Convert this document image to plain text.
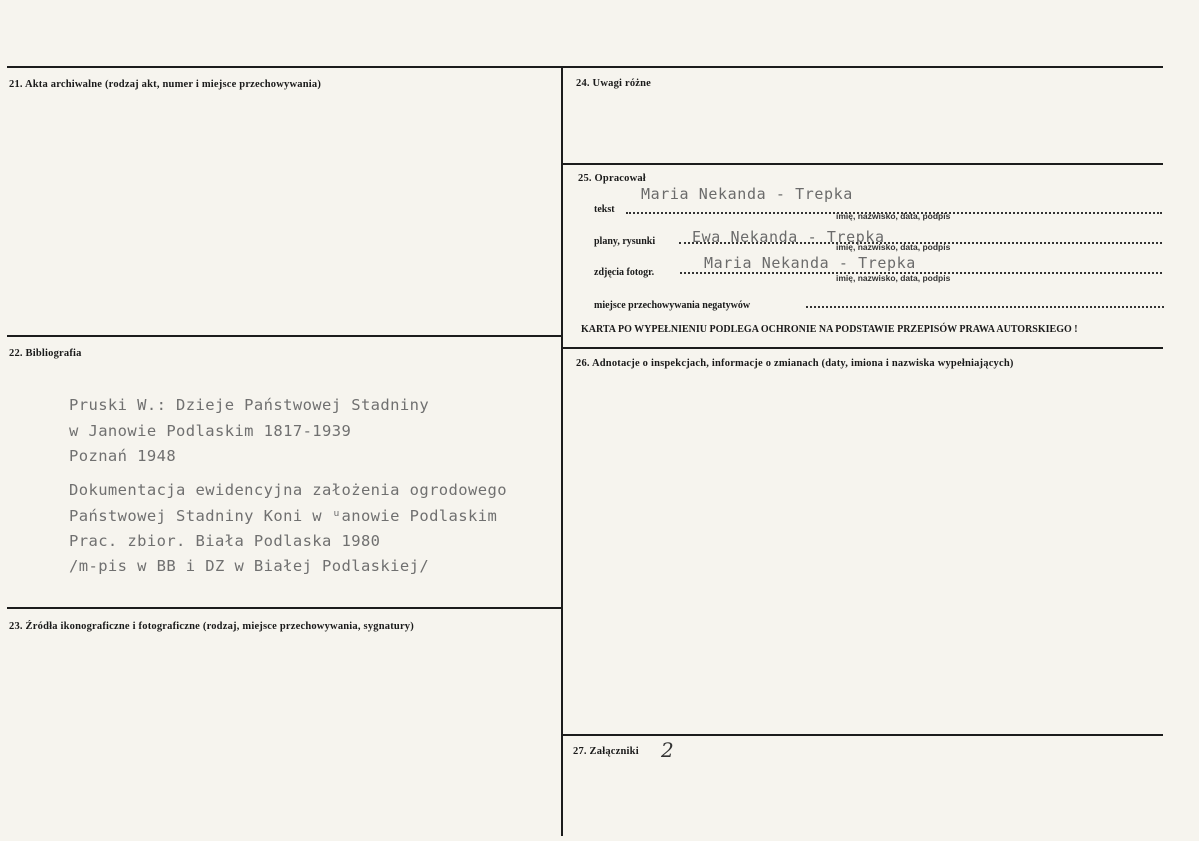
21. Akta archiwalne (rodzaj akt, numer i miejsce przechowywania)
22. Bibliografia
Pruski W.: Dzieje Państwowej Stadniny
w Janowie Podlaskim 1817-1939
Poznań 1948
Dokumentacja ewidencyjna założenia ogrodowego
Państwowej Stadniny Koni w ᵘanowie Podlaskim
Prac. zbior. Biała Podlaska 1980
/m-pis w BB i DZ w Białej Podlaskiej/
23. Źródła ikonograficzne i fotograficzne (rodzaj, miejsce przechowywania, sygnatury)
24. Uwagi różne
25. Opracował
Maria Nekanda - Trepka
tekst
imię, nazwisko, data, podpis
Ewa Nekanda - Trepka
plany, rysunki	imię, nazwisko, data, podpis
Maria Nekanda - Trepka
zdjęcia fotogr.	imię, nazwisko, data, podpis
miejsce przechowywania negatywów
KARTA PO WYPEŁNIENIU PODLEGA OCHRONIE NA PODSTAWIE PRZEPISÓW PRAWA AUTORSKIEGO !
26. Adnotacje o inspekcjach, informacje o zmianach (daty, imiona i nazwiska wypełniających)
27. Załączniki 2
